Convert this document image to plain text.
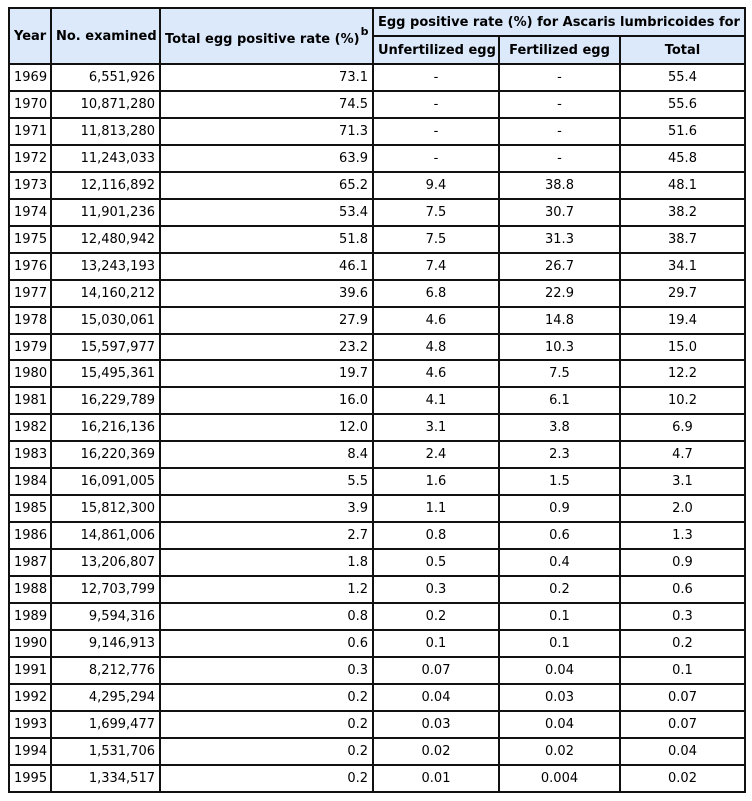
Year	No. examined	Total egg positive rate (%)$^b$	Egg positive rate (%) for Ascaris lumbricoides for		
			Unfertilized egg	Fertilized egg	Total
1969	6,551,926	73.1	-	-	55.4
1970	10,871,280	74.5	-	-	55.6
1971	11,813,280	71.3	-	-	51.6
1972	11,243,033	63.9	-	-	45.8
1973	12,116,892	65.2	9.4	38.8	48.1
1974	11,901,236	53.4	7.5	30.7	38.2
1975	12,480,942	51.8	7.5	31.3	38.7
1976	13,243,193	46.1	7.4	26.7	34.1
1977	14,160,212	39.6	6.8	22.9	29.7
1978	15,030,061	27.9	4.6	14.8	19.4
1979	15,597,977	23.2	4.8	10.3	15.0
1980	15,495,361	19.7	4.6	7.5	12.2
1981	16,229,789	16.0	4.1	6.1	10.2
1982	16,216,136	12.0	3.1	3.8	6.9
1983	16,220,369	8.4	2.4	2.3	4.7
1984	16,091,005	5.5	1.6	1.5	3.1
1985	15,812,300	3.9	1.1	0.9	2.0
1986	14,861,006	2.7	0.8	0.6	1.3
1987	13,206,807	1.8	0.5	0.4	0.9
1988	12,703,799	1.2	0.3	0.2	0.6
1989	9,594,316	0.8	0.2	0.1	0.3
1990	9,146,913	0.6	0.1	0.1	0.2
1991	8,212,776	0.3	0.07	0.04	0.1
1992	4,295,294	0.2	0.04	0.03	0.07
1993	1,699,477	0.2	0.03	0.04	0.07
1994	1,531,706	0.2	0.02	0.02	0.04
1995	1,334,517	0.2	0.01	0.004	0.02
